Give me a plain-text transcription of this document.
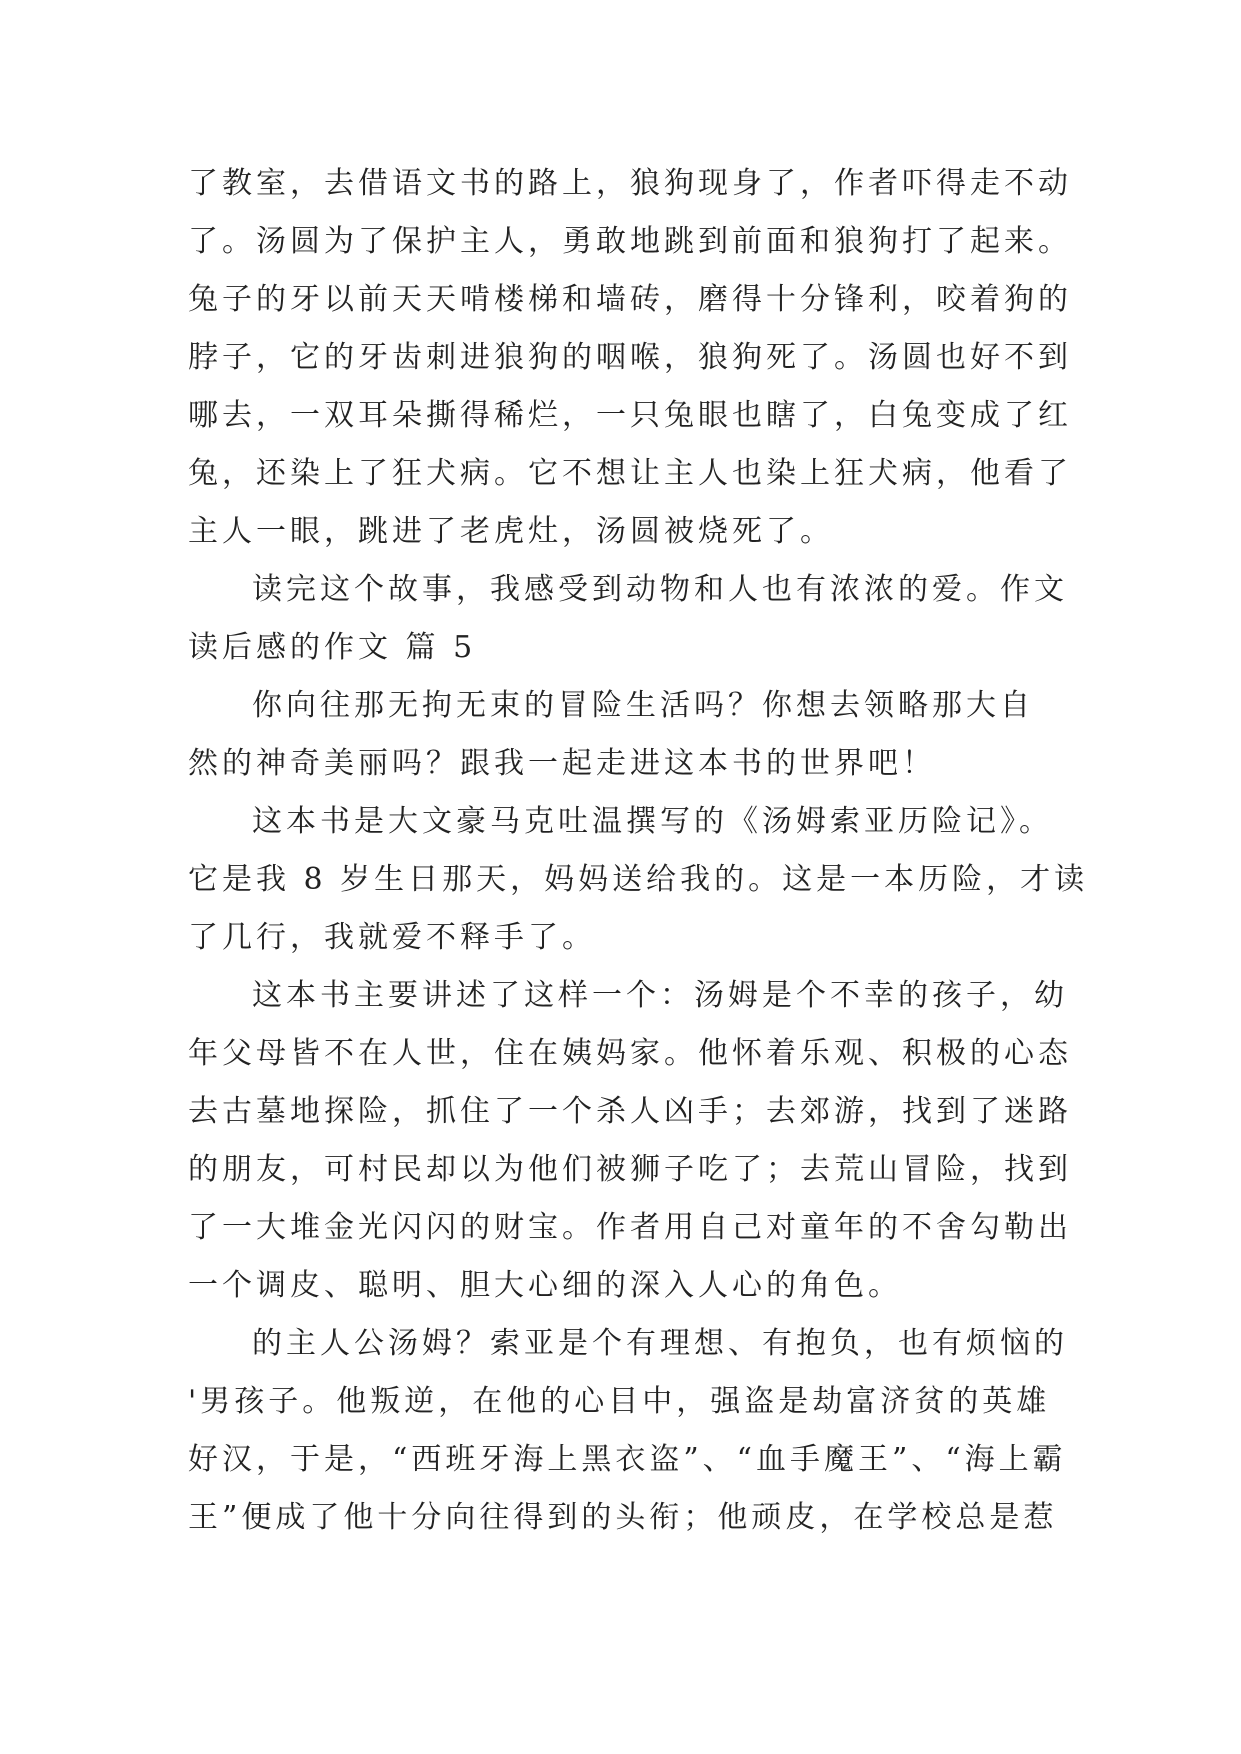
了教室，去借语文书的路上，狼狗现身了，作者吓得走不动
了。汤圆为了保护主人，勇敢地跳到前面和狼狗打了起来。
兔子的牙以前天天啃楼梯和墙砖，磨得十分锋利，咬着狗的
脖子，它的牙齿刺进狼狗的咽喉，狼狗死了。汤圆也好不到
哪去，一双耳朵撕得稀烂，一只兔眼也瞎了，白兔变成了红
兔，还染上了狂犬病。它不想让主人也染上狂犬病，他看了
主人一眼，跳进了老虎灶，汤圆被烧死了。
读完这个故事，我感受到动物和人也有浓浓的爱。作文
读后感的作文 篇 5
你向往那无拘无束的冒险生活吗？你想去领略那大自
然的神奇美丽吗？跟我一起走进这本书的世界吧！
这本书是大文豪马克吐温撰写的《汤姆索亚历险记》。
它是我 8 岁生日那天，妈妈送给我的。这是一本历险，才读
了几行，我就爱不释手了。
这本书主要讲述了这样一个：汤姆是个不幸的孩子，幼
年父母皆不在人世，住在姨妈家。他怀着乐观、积极的心态
去古墓地探险，抓住了一个杀人凶手；去郊游，找到了迷路
的朋友，可村民却以为他们被狮子吃了；去荒山冒险，找到
了一大堆金光闪闪的财宝。作者用自己对童年的不舍勾勒出
一个调皮、聪明、胆大心细的深入人心的角色。
的主人公汤姆？索亚是个有理想、有抱负，也有烦恼的
'男孩子。他叛逆，在他的心目中，强盗是劫富济贫的英雄
好汉，于是，“西班牙海上黑衣盗”、“血手魔王”、“海上霸
王”便成了他十分向往得到的头衔；他顽皮，在学校总是惹
